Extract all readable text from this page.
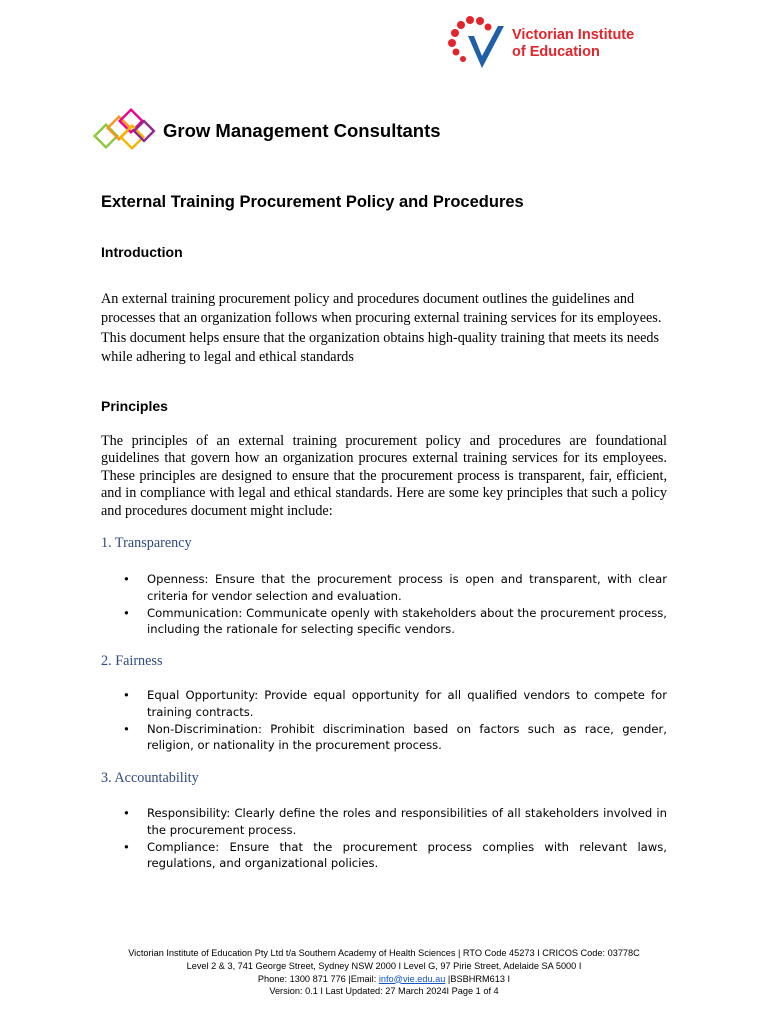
Victorian Institute
of Education
Grow Management Consultants
External Training Procurement Policy and Procedures
Introduction
An external training procurement policy and procedures document outlines the guidelines and processes that an organization follows when procuring external training services for its employees. This document helps ensure that the organization obtains high-quality training that meets its needs while adhering to legal and ethical standards
Principles
The principles of an external training procurement policy and procedures are foundational guidelines that govern how an organization procures external training services for its employees. These principles are designed to ensure that the procurement process is transparent, fair, efficient, and in compliance with legal and ethical standards. Here are some key principles that such a policy and procedures document might include:
1. Transparency
• Openness: Ensure that the procurement process is open and transparent, with clear criteria for vendor selection and evaluation.
• Communication: Communicate openly with stakeholders about the procurement process, including the rationale for selecting specific vendors.
2. Fairness
• Equal Opportunity: Provide equal opportunity for all qualified vendors to compete for training contracts.
• Non-Discrimination: Prohibit discrimination based on factors such as race, gender, religion, or nationality in the procurement process.
3. Accountability
• Responsibility: Clearly define the roles and responsibilities of all stakeholders involved in the procurement process.
• Compliance: Ensure that the procurement process complies with relevant laws, regulations, and organizational policies.
Victorian Institute of Education Pty Ltd t/a Southern Academy of Health Sciences | RTO Code 45273 I CRICOS Code: 03778C
Level 2 & 3, 741 George Street, Sydney NSW 2000 I Level G, 97 Pirie Street, Adelaide SA 5000 I
Phone: 1300 871 776 |Email: info@vie.edu.au |BSBHRM613 I
Version: 0.1 I Last Updated: 27 March 2024I Page 1 of 4
